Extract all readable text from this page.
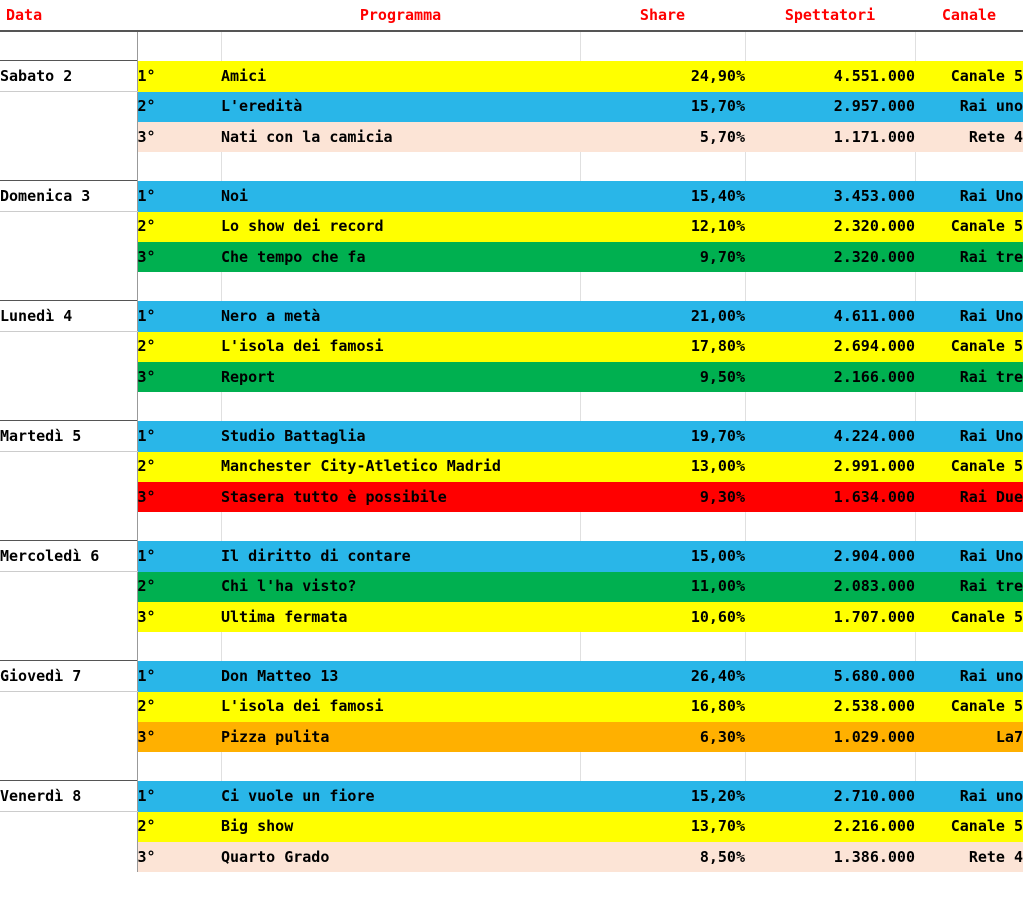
Data		Programma	Share	Spettatori	Canale

Sabato 2	1°	Amici	24,90%	4.551.000	Canale 5
	2°	L'eredità	15,70%	2.957.000	Rai uno
	3°	Nati con la camicia	5,70%	1.171.000	Rete 4

Domenica 3	1°	Noi	15,40%	3.453.000	Rai Uno
	2°	Lo show dei record	12,10%	2.320.000	Canale 5
	3°	Che tempo che fa	9,70%	2.320.000	Rai tre

Lunedì 4	1°	Nero a metà	21,00%	4.611.000	Rai Uno
	2°	L'isola dei famosi	17,80%	2.694.000	Canale 5
	3°	Report	9,50%	2.166.000	Rai tre

Martedì 5	1°	Studio Battaglia	19,70%	4.224.000	Rai Uno
	2°	Manchester City-Atletico Madrid	13,00%	2.991.000	Canale 5
	3°	Stasera tutto è possibile	9,30%	1.634.000	Rai Due

Mercoledì 6	1°	Il diritto di contare	15,00%	2.904.000	Rai Uno
	2°	Chi l'ha visto?	11,00%	2.083.000	Rai tre
	3°	Ultima fermata	10,60%	1.707.000	Canale 5

Giovedì 7	1°	Don Matteo 13	26,40%	5.680.000	Rai uno
	2°	L'isola dei famosi	16,80%	2.538.000	Canale 5
	3°	Pizza pulita	6,30%	1.029.000	La7

Venerdì 8	1°	Ci vuole un fiore	15,20%	2.710.000	Rai uno
	2°	Big show	13,70%	2.216.000	Canale 5
	3°	Quarto Grado	8,50%	1.386.000	Rete 4
